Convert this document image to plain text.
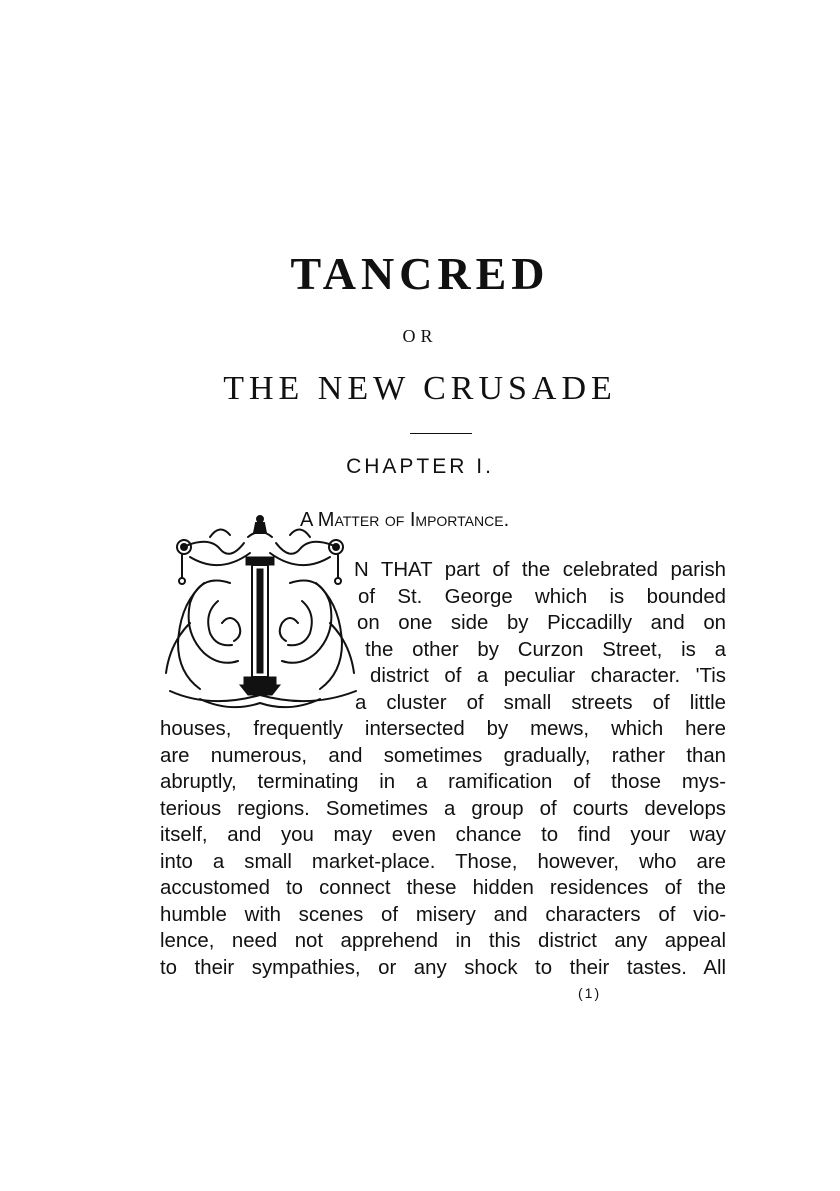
TANCRED
OR
THE NEW CRUSADE
CHAPTER I.
A Matter of Importance.
N THAT part of the celebrated parish
of St. George which is bounded
on one side by Piccadilly and on
the other by Curzon Street, is a
district of a peculiar character. 'Tis
a cluster of small streets of little
houses, frequently intersected by mews, which here
are numerous, and sometimes gradually, rather than
abruptly, terminating in a ramification of those mys-
terious regions. Sometimes a group of courts develops
itself, and you may even chance to find your way
into a small market-place. Those, however, who are
accustomed to connect these hidden residences of the
humble with scenes of misery and characters of vio-
lence, need not apprehend in this district any appeal
to their sympathies, or any shock to their tastes. All
(1)
